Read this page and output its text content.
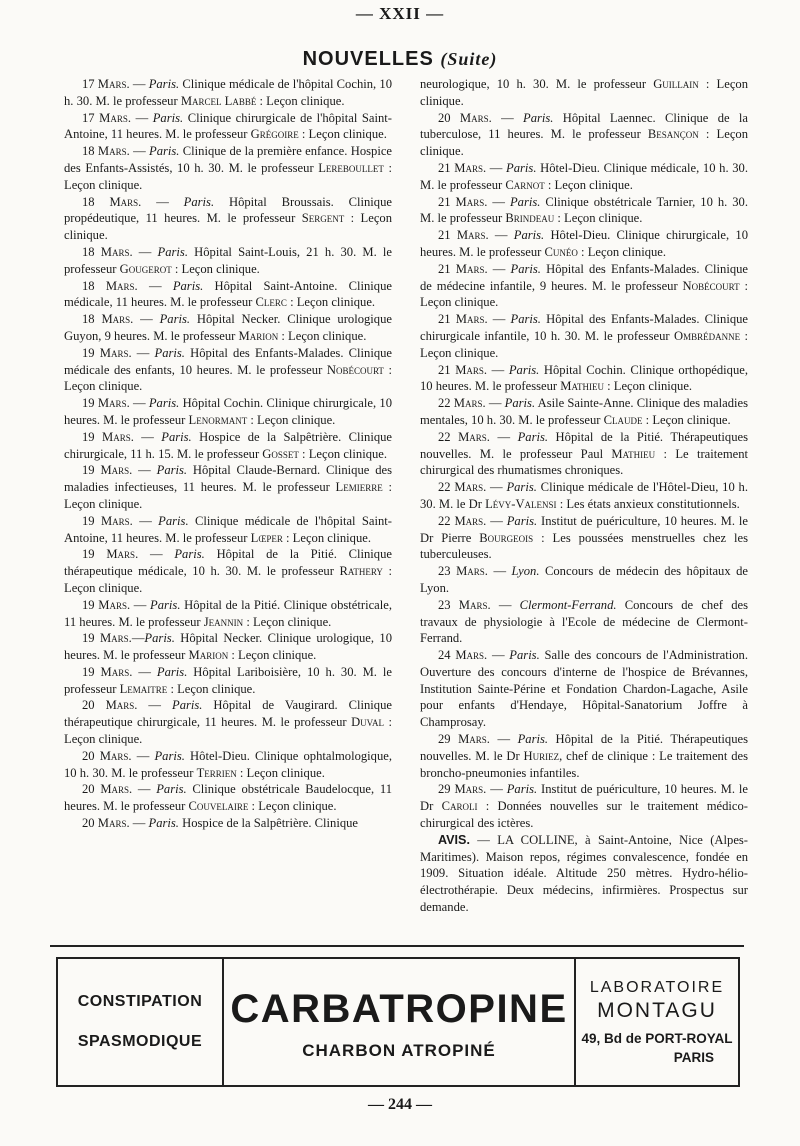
— XXII —
NOUVELLES (Suite)

17 Mars. — Paris. Clinique médicale de l'hôpital Cochin, 10 h. 30. M. le professeur Marcel Labbé : Leçon clinique.

17 Mars. — Paris. Clinique chirurgicale de l'hôpital Saint-Antoine, 11 heures. M. le professeur Grégoire : Leçon clinique.

18 Mars. — Paris. Clinique de la première enfance. Hospice des Enfants-Assistés, 10 h. 30. M. le professeur Lereboullet : Leçon clinique.

18 Mars. — Paris. Hôpital Broussais. Clinique propédeutique, 11 heures. M. le professeur Sergent : Leçon clinique.

18 Mars. — Paris. Hôpital Saint-Louis, 21 h. 30. M. le professeur Gougerot : Leçon clinique.

18 Mars. — Paris. Hôpital Saint-Antoine. Clinique médicale, 11 heures. M. le professeur Clerc : Leçon clinique.

18 Mars. — Paris. Hôpital Necker. Clinique urologique Guyon, 9 heures. M. le professeur Marion : Leçon clinique.

19 Mars. — Paris. Hôpital des Enfants-Malades. Clinique médicale des enfants, 10 heures. M. le professeur Nobécourt : Leçon clinique.

19 Mars. — Paris. Hôpital Cochin. Clinique chirurgicale, 10 heures. M. le professeur Lenormant : Leçon clinique.

19 Mars. — Paris. Hospice de la Salpêtrière. Clinique chirurgicale, 11 h. 15. M. le professeur Gosset : Leçon clinique.

19 Mars. — Paris. Hôpital Claude-Bernard. Clinique des maladies infectieuses, 11 heures. M. le professeur Lemierre : Leçon clinique.

19 Mars. — Paris. Clinique médicale de l'hôpital Saint-Antoine, 11 heures. M. le professeur Lœper : Leçon clinique.

19 Mars. — Paris. Hôpital de la Pitié. Clinique thérapeutique médicale, 10 h. 30. M. le professeur Rathery : Leçon clinique.

19 Mars. — Paris. Hôpital de la Pitié. Clinique obstétricale, 11 heures. M. le professeur Jeannin : Leçon clinique.

19 Mars.—Paris. Hôpital Necker. Clinique urologique, 10 heures. M. le professeur Marion : Leçon clinique.

19 Mars. — Paris. Hôpital Lariboisière, 10 h. 30. M. le professeur Lemaitre : Leçon clinique.

20 Mars. — Paris. Hôpital de Vaugirard. Clinique thérapeutique chirurgicale, 11 heures. M. le professeur Duval : Leçon clinique.

20 Mars. — Paris. Hôtel-Dieu. Clinique ophtalmologique, 10 h. 30. M. le professeur Terrien : Leçon clinique.

20 Mars. — Paris. Clinique obstétricale Baudelocque, 11 heures. M. le professeur Couvelaire : Leçon clinique.

20 Mars. — Paris. Hospice de la Salpêtrière. Clinique

neurologique, 10 h. 30. M. le professeur Guillain : Leçon clinique.

20 Mars. — Paris. Hôpital Laennec. Clinique de la tuberculose, 11 heures. M. le professeur Besançon : Leçon clinique.

21 Mars. — Paris. Hôtel-Dieu. Clinique médicale, 10 h. 30. M. le professeur Carnot : Leçon clinique.

21 Mars. — Paris. Clinique obstétricale Tarnier, 10 h. 30. M. le professeur Brindeau : Leçon clinique.

21 Mars. — Paris. Hôtel-Dieu. Clinique chirurgicale, 10 heures. M. le professeur Cunéo : Leçon clinique.

21 Mars. — Paris. Hôpital des Enfants-Malades. Clinique de médecine infantile, 9 heures. M. le professeur Nobécourt : Leçon clinique.

21 Mars. — Paris. Hôpital des Enfants-Malades. Clinique chirurgicale infantile, 10 h. 30. M. le professeur Ombrédanne : Leçon clinique.

21 Mars. — Paris. Hôpital Cochin. Clinique orthopédique, 10 heures. M. le professeur Mathieu : Leçon clinique.

22 Mars. — Paris. Asile Sainte-Anne. Clinique des maladies mentales, 10 h. 30. M. le professeur Claude : Leçon clinique.

22 Mars. — Paris. Hôpital de la Pitié. Thérapeutiques nouvelles. M. le professeur Paul Mathieu : Le traitement chirurgical des rhumatismes chroniques.

22 Mars. — Paris. Clinique médicale de l'Hôtel-Dieu, 10 h. 30. M. le Dr Lévy-Valensi : Les états anxieux constitutionnels.

22 Mars. — Paris. Institut de puériculture, 10 heures. M. le Dr Pierre Bourgeois : Les poussées menstruelles chez les tuberculeuses.

23 Mars. — Lyon. Concours de médecin des hôpitaux de Lyon.

23 Mars. — Clermont-Ferrand. Concours de chef des travaux de physiologie à l'Ecole de médecine de Clermont-Ferrand.

24 Mars. — Paris. Salle des concours de l'Administration. Ouverture des concours d'interne de l'hospice de Brévannes, Institution Sainte-Périne et Fondation Chardon-Lagache, Asile pour enfants d'Hendaye, Hôpital-Sanatorium Joffre à Champrosay.

29 Mars. — Paris. Hôpital de la Pitié. Thérapeutiques nouvelles. M. le Dr Huriez, chef de clinique : Le traitement des broncho-pneumonies infantiles.

29 Mars. — Paris. Institut de puériculture, 10 heures. M. le Dr Caroli : Données nouvelles sur le traitement médico-chirurgical des ictères.

AVIS. — LA COLLINE, à Saint-Antoine, Nice (Alpes-Maritimes). Maison repos, régimes convalescence, fondée en 1909. Situation idéale. Altitude 250 mètres. Hydro-hélio-électrothérapie. Deux médecins, infirmières. Prospectus sur demande.

CONSTIPATION
SPASMODIQUE
CARBATROPINE
CHARBON ATROPINÉ
LABORATOIRE
MONTAGU
49, Bd de PORT-ROYAL
PARIS
— 244 —
